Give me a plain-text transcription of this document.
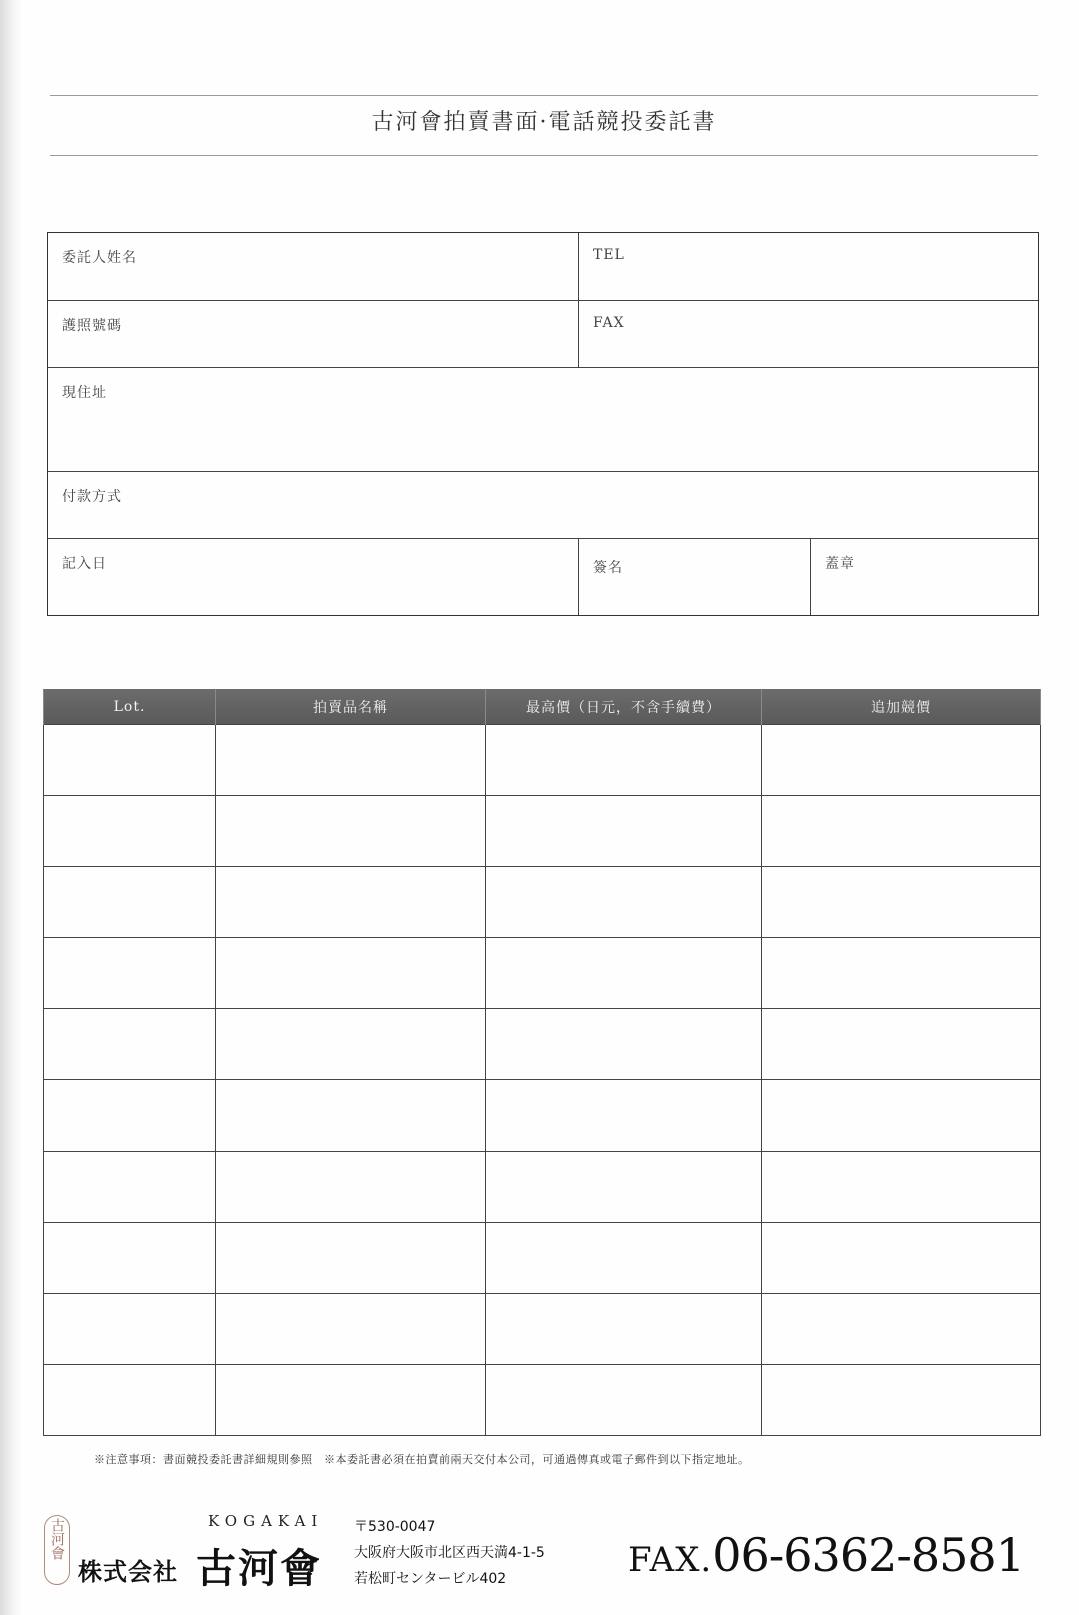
古河會拍賣書面·電話競投委託書
委託人姓名	TEL
護照號碼	FAX
現住址
付款方式
記入日	簽名	蓋章
Lot.	拍賣品名稱	最高價（日元，不含手續費）	追加競價

※注意事項：書面競投委託書詳細規則參照　※本委託書必須在拍賣前兩天交付本公司，可通過傳真或電子郵件到以下指定地址。
古河會	KOGAKAI
株式会社 古河會
〒530-0047
大阪府大阪市北区西天満4-1-5
若松町センタービル402	FAX.06-6362-8581
